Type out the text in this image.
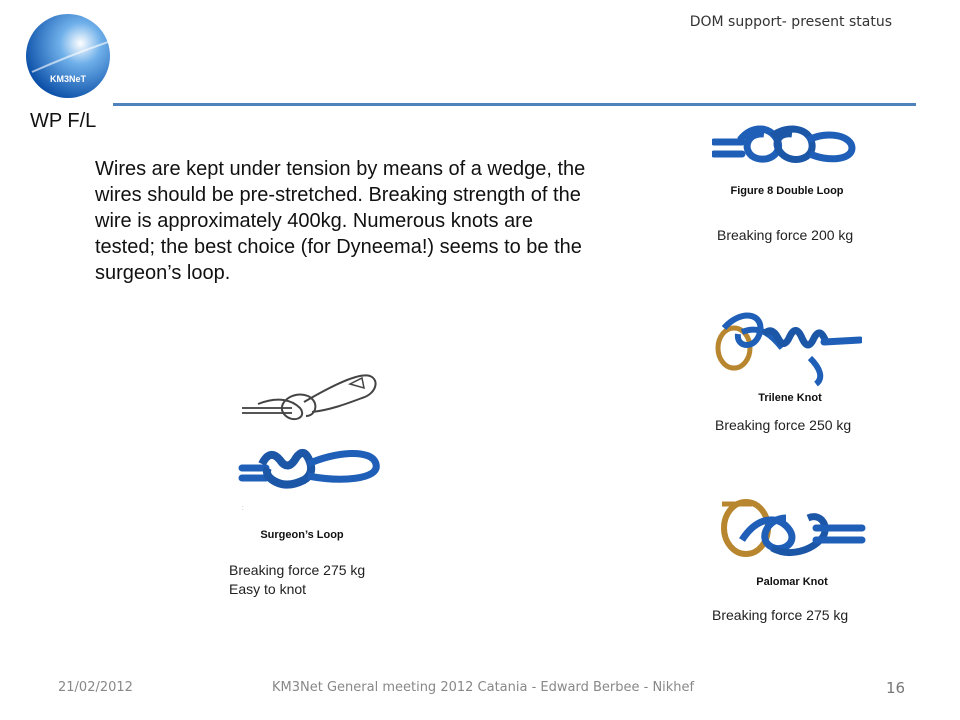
KM3NeT
DOM support- present status
WP F/L
Wires are kept under tension by means of a wedge, the wires should be pre-stretched. Breaking strength of the wire is approximately 400kg. Numerous knots are tested; the best choice (for Dyneema!) seems to be the surgeon’s loop.
Figure 8 Double Loop
Breaking force 200 kg
Trilene Knot
Breaking force 250 kg
Palomar Knot
Breaking force 275 kg
:
Surgeon’s Loop
Breaking force 275 kg
Easy to knot
21/02/2012	KM3Net General meeting 2012 Catania - Edward Berbee - Nikhef	16
